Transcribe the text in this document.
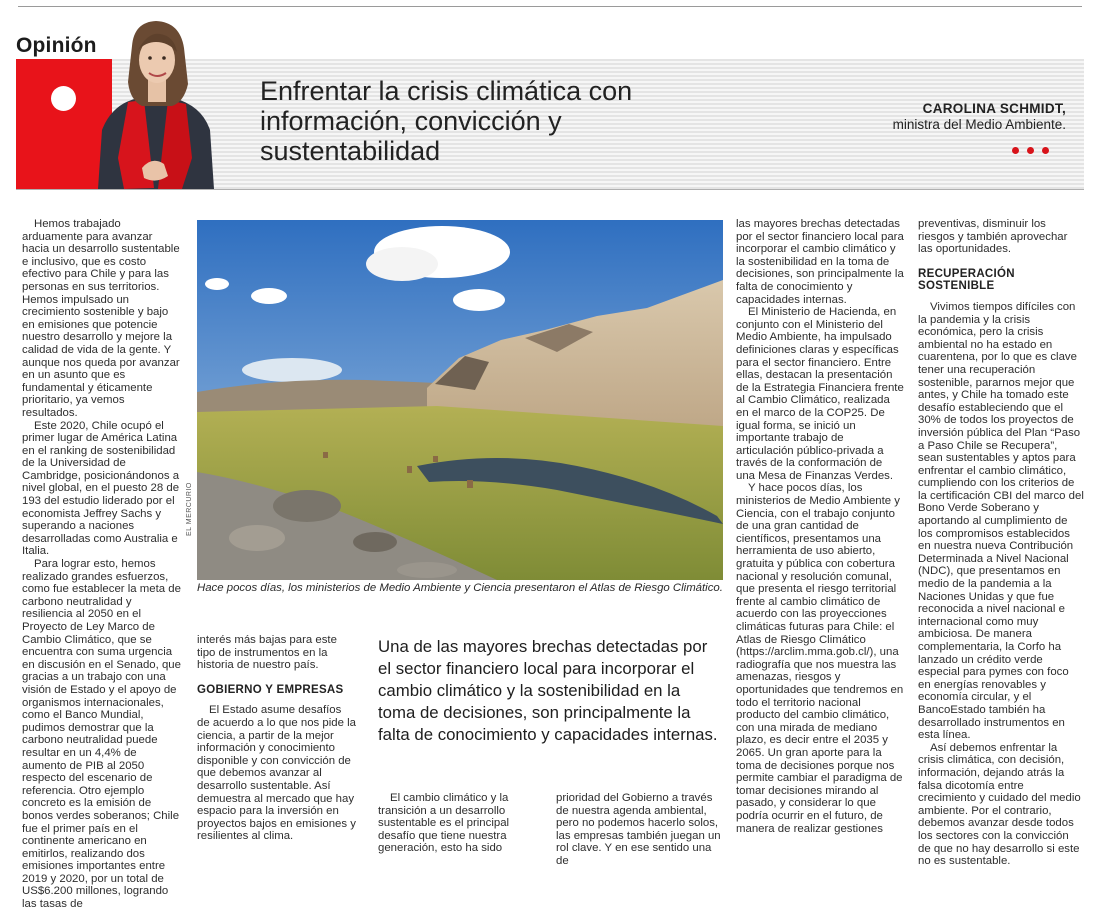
Opinión
Enfrentar la crisis climática con información, convicción y sustentabilidad
CAROLINA SCHMIDT,
ministra del Medio Ambiente.

Hemos trabajado arduamente para avanzar hacia un desarrollo sustentable e inclusivo, que es costo efectivo para Chile y para las personas en sus territorios. Hemos impulsado un crecimiento sostenible y bajo en emisiones que potencie nuestro desarrollo y mejore la calidad de vida de la gente. Y aunque nos queda por avanzar en un asunto que es fundamental y éticamente prioritario, ya vemos resultados.

Este 2020, Chile ocupó el primer lugar de América Latina en el ranking de sostenibilidad de la Universidad de Cambridge, posicionándonos a nivel global, en el puesto 28 de 193 del estudio liderado por el economista Jeffrey Sachs y superando a naciones desarrolladas como Australia e Italia.

Para lograr esto, hemos realizado grandes esfuerzos, como fue establecer la meta de carbono neutralidad y resiliencia al 2050 en el Proyecto de Ley Marco de Cambio Climático, que se encuentra con suma urgencia en discusión en el Senado, que gracias a un trabajo con una visión de Estado y el apoyo de organismos internacionales, como el Banco Mundial, pudimos demostrar que la carbono neutralidad puede resultar en un 4,4% de aumento de PIB al 2050 respecto del escenario de referencia. Otro ejemplo concreto es la emisión de bonos verdes soberanos; Chile fue el primer país en el continente americano en emitirlos, realizando dos emisiones importantes entre 2019 y 2020, por un total de US$6.200 millones, logrando las tasas de

EL MERCURIO
Hace pocos días, los ministerios de Medio Ambiente y Ciencia presentaron el Atlas de Riesgo Climático.

interés más bajas para este tipo de instrumentos en la historia de nuestro país.

GOBIERNO Y EMPRESAS

El Estado asume desafíos de acuerdo a lo que nos pide la ciencia, a partir de la mejor información y conocimiento disponible y con convicción de que debemos avanzar al desarrollo sustentable. Así demuestra al mercado que hay espacio para la inversión en proyectos bajos en emisiones y resilientes al clima.

Una de las mayores brechas detectadas por el sector financiero local para incorporar el cambio climático y la sostenibilidad en la toma de decisiones, son principalmente la falta de conocimiento y capacidades internas.

El cambio climático y la transición a un desarrollo sustentable es el principal desafío que tiene nuestra generación, esto ha sido

prioridad del Gobierno a través de nuestra agenda ambiental, pero no podemos hacerlo solos, las empresas también juegan un rol clave. Y en ese sentido una de

las mayores brechas detectadas por el sector financiero local para incorporar el cambio climático y la sostenibilidad en la toma de decisiones, son principalmente la falta de conocimiento y capacidades internas.

El Ministerio de Hacienda, en conjunto con el Ministerio del Medio Ambiente, ha impulsado definiciones claras y específicas para el sector financiero. Entre ellas, destacan la presentación de la Estrategia Financiera frente al Cambio Climático, realizada en el marco de la COP25. De igual forma, se inició un importante trabajo de articulación público-privada a través de la conformación de una Mesa de Finanzas Verdes.

Y hace pocos días, los ministerios de Medio Ambiente y Ciencia, con el trabajo conjunto de una gran cantidad de científicos, presentamos una herramienta de uso abierto, gratuita y pública con cobertura nacional y resolución comunal, que presenta el riesgo territorial frente al cambio climático de acuerdo con las proyecciones climáticas futuras para Chile: el Atlas de Riesgo Climático (https://arclim.mma.gob.cl/), una radiografía que nos muestra las amenazas, riesgos y oportunidades que tendremos en todo el territorio nacional producto del cambio climático, con una mirada de mediano plazo, es decir entre el 2035 y 2065. Un gran aporte para la toma de decisiones porque nos permite cambiar el paradigma de tomar decisiones mirando al pasado, y considerar lo que podría ocurrir en el futuro, de manera de realizar gestiones

preventivas, disminuir los riesgos y también aprovechar las oportunidades.

RECUPERACIÓN SOSTENIBLE

Vivimos tiempos difíciles con la pandemia y la crisis económica, pero la crisis ambiental no ha estado en cuarentena, por lo que es clave tener una recuperación sostenible, pararnos mejor que antes, y Chile ha tomado este desafío estableciendo que el 30% de todos los proyectos de inversión pública del Plan “Paso a Paso Chile se Recupera”, sean sustentables y aptos para enfrentar el cambio climático, cumpliendo con los criterios de la certificación CBI del marco del Bono Verde Soberano y aportando al cumplimiento de los compromisos establecidos en nuestra nueva Contribución Determinada a Nivel Nacional (NDC), que presentamos en medio de la pandemia a la Naciones Unidas y que fue reconocida a nivel nacional e internacional como muy ambiciosa. De manera complementaria, la Corfo ha lanzado un crédito verde especial para pymes con foco en energías renovables y economía circular, y el BancoEstado también ha desarrollado instrumentos en esta línea.

Así debemos enfrentar la crisis climática, con decisión, información, dejando atrás la falsa dicotomía entre crecimiento y cuidado del medio ambiente. Por el contrario, debemos avanzar desde todos los sectores con la convicción de que no hay desarrollo si este no es sustentable.
